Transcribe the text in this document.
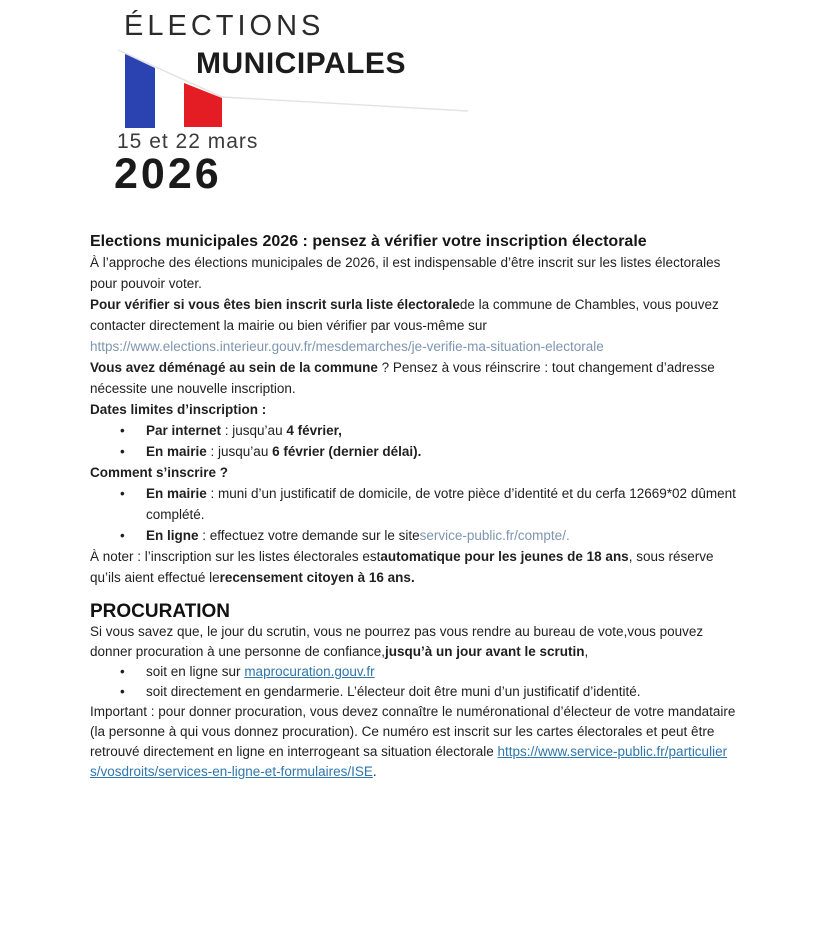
ÉLECTIONS
MUNICIPALES
15 et 22 mars
2026
Elections municipales 2026 : pensez à vérifier votre inscription électorale

À l’approche des élections municipales de 2026, il est indispensable d’être inscrit sur les listes électorales pour pouvoir voter.

Pour vérifier si vous êtes bien inscrit surla liste électoralede la commune de Chambles, vous pouvez contacter directement la mairie ou bien vérifier par vous-même sur https://www.elections.interieur.gouv.fr/mesdemarches/je-verifie-ma-situation-electorale

Vous avez déménagé au sein de la commune ? Pensez à vous réinscrire : tout changement d’adresse nécessite une nouvelle inscription.

Dates limites d’inscription :

•	Par internet : jusqu’au 4 février,
•	En mairie : jusqu’au 6 février (dernier délai).

Comment s’inscrire ?

•	En mairie : muni d’un justificatif de domicile, de votre pièce d’identité et du cerfa 12669*02 dûment complété.
•	En ligne : effectuez votre demande sur le siteservice-public.fr/compte/.

À noter : l’inscription sur les listes électorales estautomatique pour les jeunes de 18 ans, sous réserve qu’ils aient effectué lerecensement citoyen à 16 ans.

PROCURATION

Si vous savez que, le jour du scrutin, vous ne pourrez pas vous rendre au bureau de vote,vous pouvez donner procuration à une personne de confiance,jusqu’à un jour avant le scrutin,

•	soit en ligne sur maprocuration.gouv.fr
•	soit directement en gendarmerie. L’électeur doit être muni d’un justificatif d’identité.

Important : pour donner procuration, vous devez connaître le numéronational d’électeur de votre mandataire (la personne à qui vous donnez procuration). Ce numéro est inscrit sur les cartes électorales et peut être retrouvé directement en ligne en interrogeant sa situation électorale https://www.service-public.fr/particuliers/vosdroits/services-en-ligne-et-formulaires/ISE.
